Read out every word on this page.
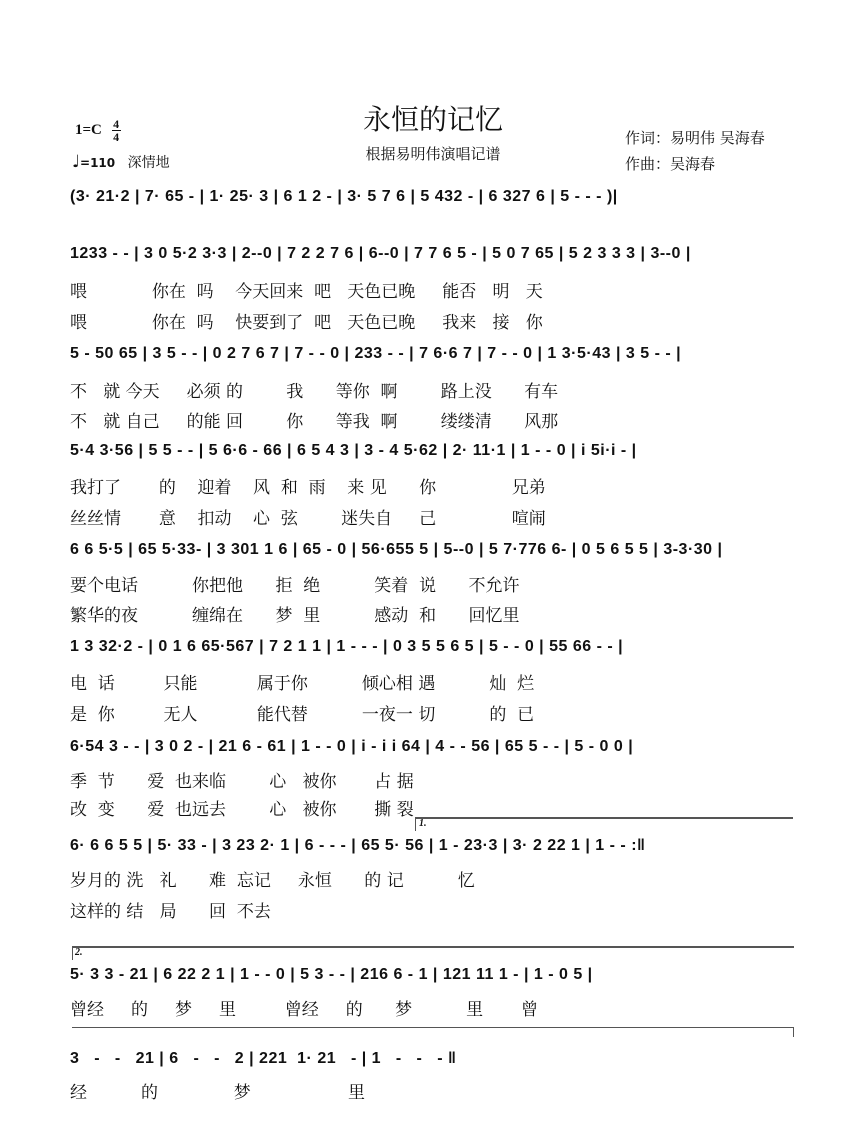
$1=C \frac{4}{4}$
♩=110 深情地
永恒的记忆
根据易明伟演唱记谱
作词：易明伟 吴海春
作曲：吴海春
(3· 21·2 | 7· 65 - | 1· 25· 3 | 6 1 2 - | 3· 5 7 6 | 5 432 - | 6 327 6 | 5 - - - )|
1233 - - | 3 0 5·2 3·3 | 2--0 | 7 2 2 7 6 | 6--0 | 7 7 6 5 - | 5 0 7 65 | 5 2 3 3 3 | 3--0 |
喂            你在  吗    今天回来  吧   天色已晚     能否   明   天
喂            你在  吗    快要到了  吧   天色已晚     我来   接   你
5 - 50 65 | 3 5 - - | 0 2 7 6 7 | 7 - - 0 | 233 - - | 7 6·6 7 | 7 - - 0 | 1 3·5·43 | 3 5 - - |
不   就 今天     必须 的        我      等你  啊        路上没      有车
不   就 自己     的能 回        你      等我  啊        缕缕清      风那
5·4 3·56 | 5 5 - - | 5 6·6 - 66 | 6 5 4 3 | 3 - 4 5·62 | 2· 11·1 | 1 - - 0 | i 5i·i - |
我打了       的    迎着    风  和  雨    来 见      你              兄弟
丝丝情       意    扣动    心  弦        迷失自     己              喧闹
6 6 5·5 | 65 5·33- | 3 301 1 6 | 65 - 0 | 56·655 5 | 5--0 | 5 7·776 6- | 0 5 6 5 5 | 3-3·30 |
要个电话          你把他      拒  绝          笑着  说      不允许
繁华的夜          缠绵在      梦  里          感动  和      回忆里
1 3 32·2 - | 0 1 6 65·567 | 7 2 1 1 | 1 - - - | 0 3 5 5 6 5 | 5 - - 0 | 55 66 - - |
电  话         只能           属于你          倾心相 遇          灿  烂
是  你         无人           能代替          一夜一 切          的  已
6·54 3 - - | 3 0 2 - | 21 6 - 61 | 1 - - 0 | i - i i 64 | 4 - - 56 | 65 5 - - | 5 - 0 0 |
季  节      爱  也来临        心   被你       占 据
改  变      爱  也远去        心   被你       撕 裂
1.
6· 6 6 5 5 | 5· 33 - | 3 23 2· 1 | 6 - - - | 65 5· 56 | 1 - 23·3 | 3· 2 22 1 | 1 - - :‖
岁月的 洗   礼      难  忘记     永恒      的 记          忆
这样的 结   局      回  不去
2.
5· 3 3 - 21 | 6 22 2 1 | 1 - - 0 | 5 3 - - | 216 6 - 1 | 121 11 1 - | 1 - 0 5 |
曾经     的     梦     里         曾经     的      梦          里       曾
3   -   -   21 | 6   -   -   2 | 221  1· 21   - | 1   -   -   - ‖
经          的              梦                  里
